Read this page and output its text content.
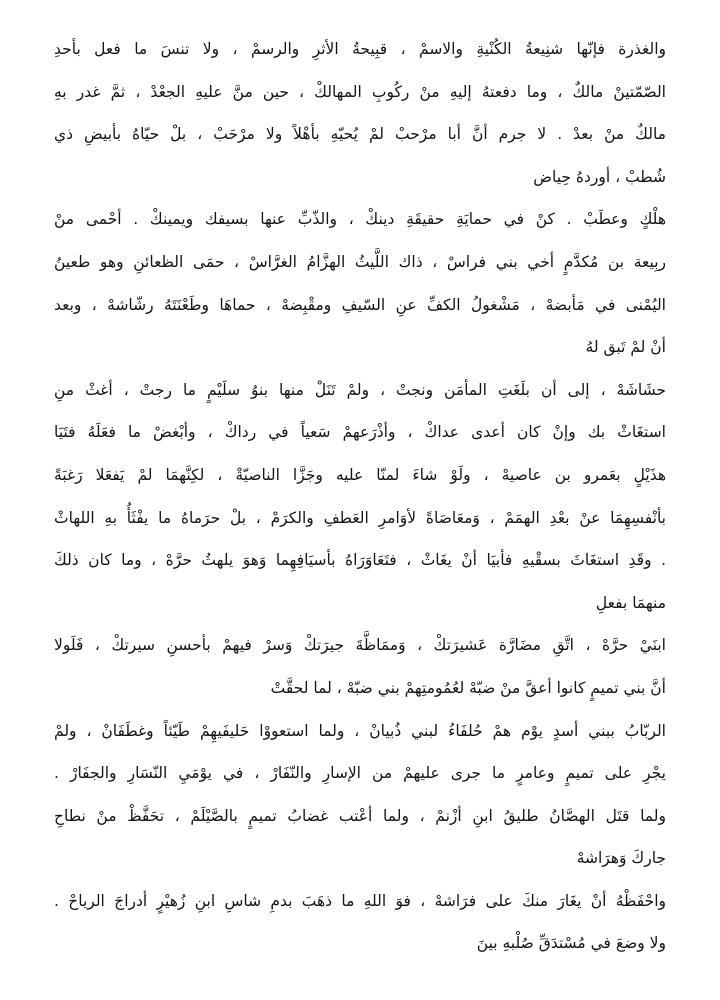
والغذرة فإنّها شنِيعةُ الكُنْيةِ والاسمْ ، قبِيحةُ الأثرِ والرسمْ ، ولا تنسَ ما فعل بأحدِ
الصّمّتينْ مالكٌ ، وما دفعتهُ إليهِ منْ ركُوبِ المهالكْ ، حين منَّ عليهِ الجعْدْ ، ثمَّ غدر بهِ
مالكٌ منْ بعدْ . لا جرم أنَّ أبا مرْحبْ لمْ يُحيّهِ بأهْلاً ولا مرْحَبْ ، بلْ حيّاهُ بأبيضِ ذي
شُطبْ ، أوردهُ حِياض

هلْكٍ وعطَبْ . كنْ في حمايَةِ حقيقَةِ دينكْ ، والذّبِّ عنها بسيفك ويمينكْ . أحْمى منْ
ربِيعة بن مُكدَّمٍ أخي بني فراسْ ، ذاك اللَّيثُ الهزَّامُ الغرَّاسْ ، حمَى الظعائنِ وهو طعينُ
اليُمْنى في مَأبضهْ ، مَشْغولُ الكفِّ عنِ السّيفِ ومقْبِضهْ ، حماهَا وطَعْنَتَهُ رشّاشهْ ، وبعد
أنْ لمْ تَبق لهُ

حشَاشَهْ ، إلى أن بلَغَتِ المأمَن ونجتْ ، ولمْ تَنَلْ منها بنوُ سلَيْمٍ ما رجتْ ، أغثْ منِ
استغَاثْ بك وإنْ كان أعدى عداكْ ، وأذْرَعهمْ سَعياً في رداكْ ، وأبْغضْ ما فعَلَهُ فتَيَا
هذَيْلٍ بعَمرو بن عاصيهْ ، ولَوْ شاءَ لمنّا عليه وجَزَّا الناصيّةْ ، لكِنَّهمَا لمْ يَفعَلا رَغبَةً
بأنْفسِهِمَا عنْ بعْدِ الهمَمْ ، وَمعَاصَاةً لأوَامرِ العَطفِ والكرَمْ ، بلْ حرَماهُ ما يفْثَأُ بهِ اللهاثْ
. وقَدِ استغَاثَ بسقْيهِ فأبيَا أنْ يغَاثْ ، فتَعَاوَرَاهُ بأسيَافِهِما وَهوَ يلهثُ حرَّهْ ، وما كان ذلكَ
منهمَا بفعلِ

ابنَيْ حرَّهْ ، اتَّقِ مضَارَّة عَشيرَتكْ ، وَممَاظَّةَ جيرَتكْ وَسرْ فيهمْ بأحسنِ سيرتكْ ، فَلَولا
أنَّ بني تميمٍ كانوا أعقَّ منْ ضبّهْ لعُمُومتِهمْ بني ضبّهْ ، لما لحقَّتْ

الربّابُ ببني أسدٍ يوْم همْ حُلفَاءُ لبني ذُبيانْ ، ولما استعووْا حَليفَيهِمْ طَيّئاً وغطَفَانْ ، ولمْ
يجْرِ على تميمٍ وعامرٍ ما جرى عليهمْ من الإسارِ والنّفَارْ ، في يوْمَيِ النّسَارِ والجفَارْ .
ولما قتَل الهصَّانُ طليقُ ابنِ أزْنمْ ، ولما أعْتب غضابُ تميمٍ بالصَّيْلَمْ ، تحَفَّظْ منْ نطاحِ
جاركَ وَهرَاشهْ

واحْفَظْهُ أنْ يغَارَ منكَ على فرَاشهْ ، فوَ اللهِ ما ذهَبَ بدمِ شاسِ ابنِ زُهيْرٍ أدراجَ الرياحْ .
ولا وضعَ في مُسْتدَقِّ صُلْبهِ بينَ
